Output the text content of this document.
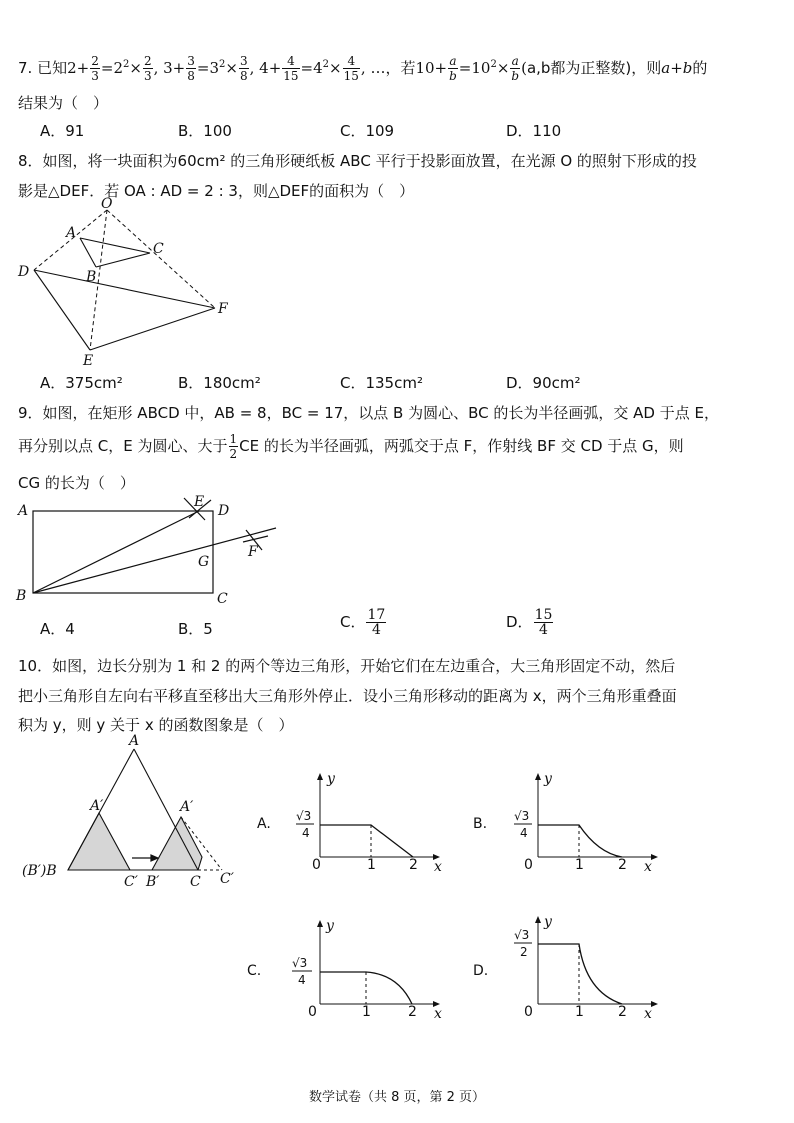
7. 已知$2+ \frac{2}{3} =2^2\times \frac{2}{3}$ , $3+ \frac{3}{8} =3^2\times \frac{3}{8}$ , $4+ \frac{4}{15} =4^2\times \frac{4}{15}$ , …，若$10+ \frac{a}{b} =10^2\times \frac{a}{b} (a,b$都为正整数)，则a+b的
结果为（　）
A．91	B．100	C．109	D．110
8．如图，将一块面积为60cm² 的三角形硬纸板 ABC 平行于投影面放置，在光源 O 的照射下形成的投
影是△DEF．若 OA : AD = 2 : 3，则△DEF的面积为（　）
O
A
C
B
D
F
E
A．375cm²	B．180cm²	C．135cm²	D．90cm²
9．如图，在矩形 ABCD 中，AB = 8，BC = 17，以点 B 为圆心、BC 的长为半径画弧，交 AD 于点 E，
再分别以点 C，E 为圆心、大于 $\frac{1}{2}$ CE 的长为半径画弧，两弧交于点 F，作射线 BF 交 CD 于点 G，则
CG 的长为（　）
A
E
D
G
F
B	C
A．4	B．5	C． $\frac{17}{4}$	D． $\frac{15}{4}$
10．如图，边长分别为 1 和 2 的两个等边三角形，开始它们在左边重合，大三角形固定不动，然后
把小三角形自左向右平移直至移出大三角形外停止．设小三角形移动的距离为 x，两个三角形重叠面
积为 y，则 y 关于 x 的函数图象是（　）
A
A′	A′
(B′)B
C′ B′ C C′
A. √3
4
0	1 2 x
y
B. √3
4
0	1 2 x
y
C.	√3
4
0	1	2 x
y
D.
√3
2
0	1 2 x
y
数学试卷（共 8 页，第 2 页）
